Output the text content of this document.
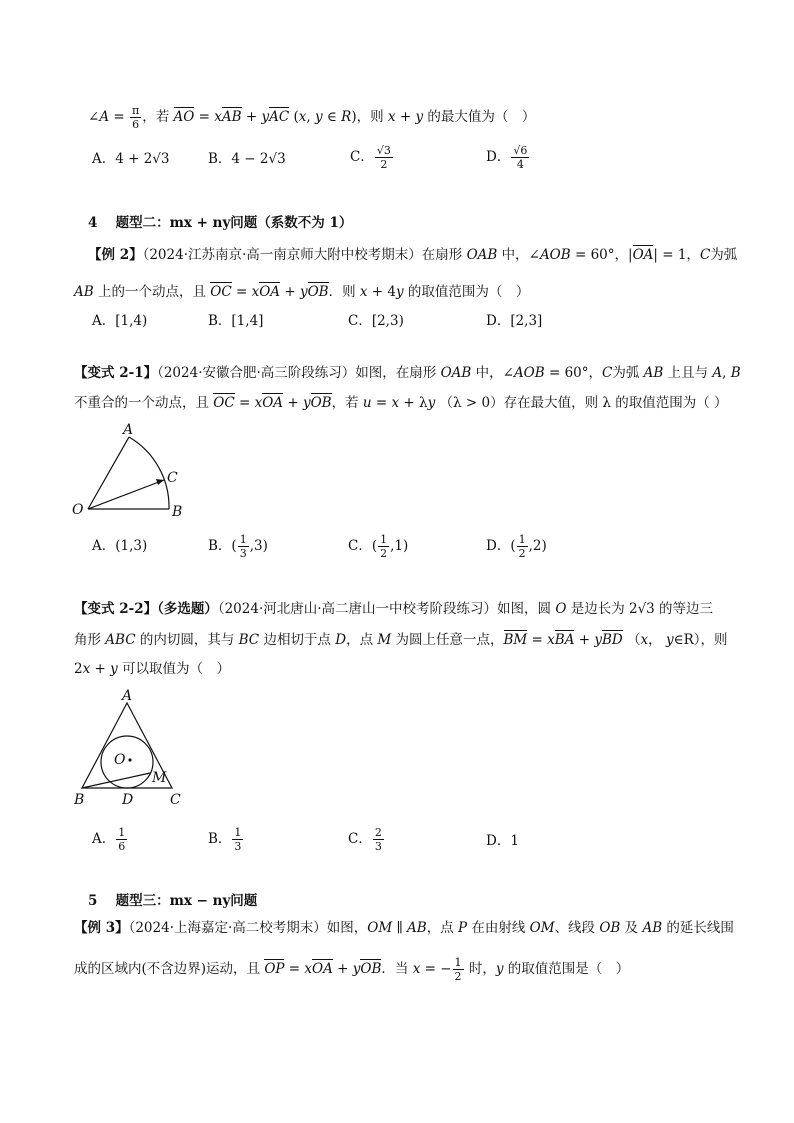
∠A = $\frac{\pi}{6}$ ，若 AO = xAB + yAC (x, y ∈ R)，则 x + y 的最大值为（　）
A．4 + 2√3	B．4 − 2√3	C． $\frac{√3}{2}$	D． $\frac{√6}{4}$
4　 题型二：mx + ny问题（系数不为 1）
【例 2】（2024·江苏南京·高一南京师大附中校考期末）在扇形 OAB 中，∠AOB = 60°，|OA| = 1，C为弧
AB 上的一个动点，且 OC = xOA + yOB．则 x + 4y 的取值范围为（　）
A．[1,4)	B．[1,4]	C．[2,3)	D．[2,3]
【变式 2-1】（2024·安徽合肥·高三阶段练习）如图，在扇形 OAB 中，∠AOB = 60°，C为弧 AB 上且与 A, B
不重合的一个动点，且 OC = xOA + yOB，若 u = x + λy （λ > 0）存在最大值，则 λ 的取值范围为（ ）
A
C
O	B
A．(1,3)	B．( $\frac{1}{3} ,3$)	C．( $\frac{1}{2} ,1$)	D．( $\frac{1}{2} ,2$)
【变式 2-2】（多选题）（2024·河北唐山·高二唐山一中校考阶段练习）如图，圆 O 是边长为 2√3 的等边三
角形 ABC 的内切圆，其与 BC 边相切于点 D，点 M 为圆上任意一点，BM = xBA + yBD （x， y∈R），则
2x + y 可以取值为（　）
A
O
M
B	D	C
A． $\frac{1}{6}$	B． $\frac{1}{3}$	C． $\frac{2}{3}$	D．1
5　 题型三：mx − ny问题
【例 3】（2024·上海嘉定·高二校考期末）如图，OM ∥ AB，点 P 在由射线 OM、线段 OB 及 AB 的延长线围
成的区域内(不含边界)运动，且 OP = xOA + yOB．当 x = − $\frac{1}{2}$ 时，y 的取值范围是（　）
